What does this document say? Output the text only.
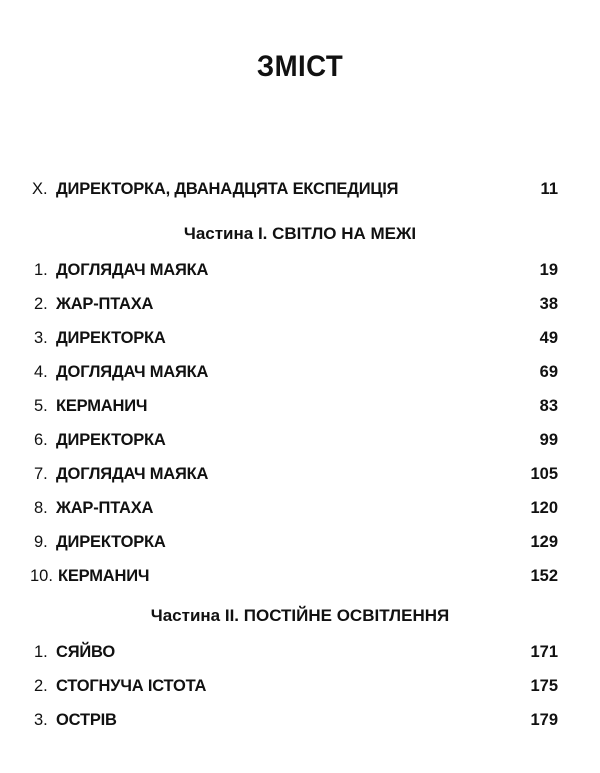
ЗМІСТ
Х. ДИРЕКТОРКА, ДВАНАДЦЯТА ЕКСПЕДИЦІЯ	11
Частина І. СВІТЛО НА МЕЖІ
1. ДОГЛЯДАЧ МАЯКА	19
2. ЖАР-ПТАХА	38
3. ДИРЕКТОРКА	49
4. ДОГЛЯДАЧ МАЯКА	69
5. КЕРМАНИЧ	83
6. ДИРЕКТОРКА	99
7. ДОГЛЯДАЧ МАЯКА	105
8. ЖАР-ПТАХА	120
9. ДИРЕКТОРКА	129
10. КЕРМАНИЧ	152
Частина ІІ. ПОСТІЙНЕ ОСВІТЛЕННЯ
1. СЯЙВО	171
2. СТОГНУЧА ІСТОТА	175
3. ОСТРІВ	179
